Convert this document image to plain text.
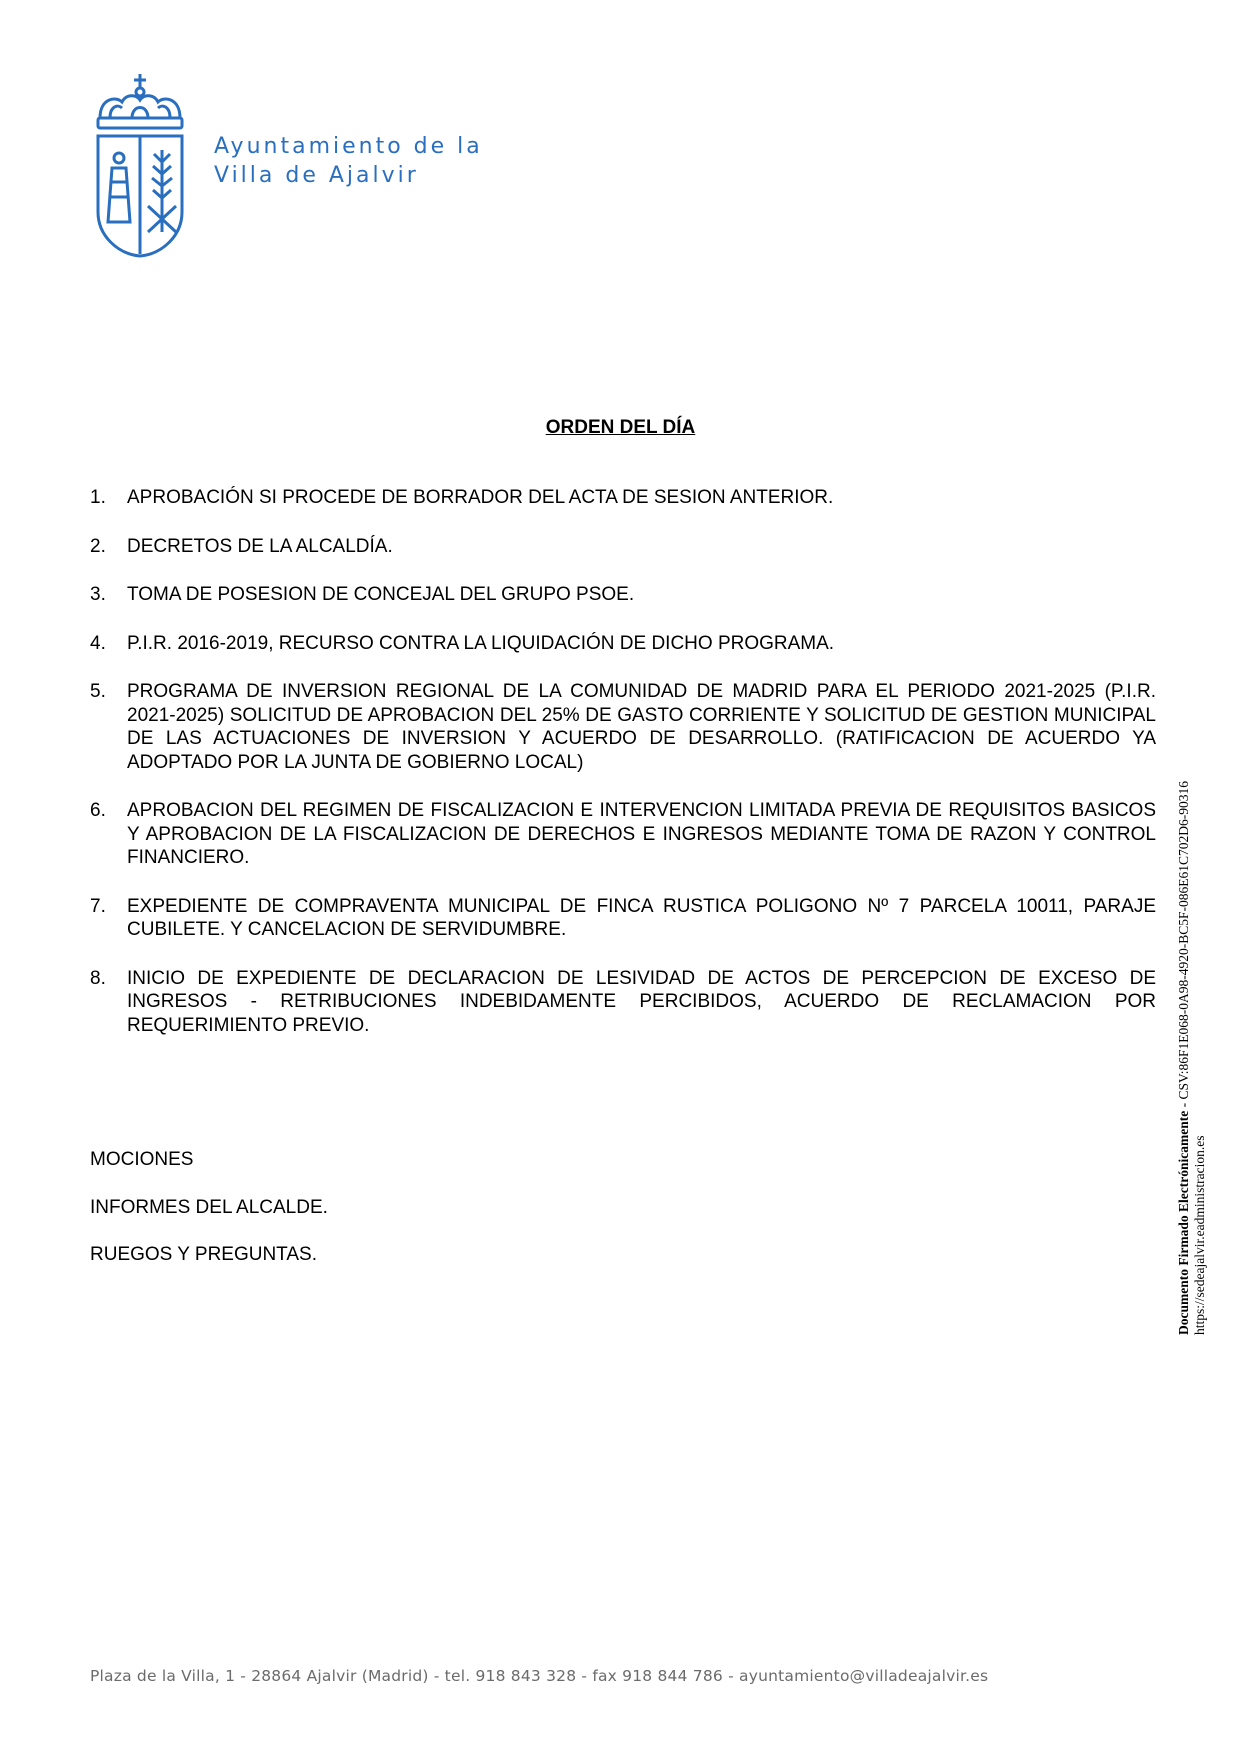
Ayuntamiento de la
Villa de Ajalvir
ORDEN DEL DÍA
1. APROBACIÓN SI PROCEDE DE BORRADOR DEL ACTA DE SESION ANTERIOR.
2. DECRETOS DE LA ALCALDÍA.
3. TOMA DE POSESION DE CONCEJAL DEL GRUPO PSOE.
4. P.I.R. 2016-2019, RECURSO CONTRA LA LIQUIDACIÓN DE DICHO PROGRAMA.
5. PROGRAMA DE INVERSION REGIONAL DE LA COMUNIDAD DE MADRID PARA EL PERIODO 2021-2025 (P.I.R. 2021-2025) SOLICITUD DE APROBACION DEL 25% DE GASTO CORRIENTE Y SOLICITUD DE GESTION MUNICIPAL DE LAS ACTUACIONES DE INVERSION Y ACUERDO DE DESARROLLO. (RATIFICACION DE ACUERDO YA ADOPTADO POR LA JUNTA DE GOBIERNO LOCAL)
6. APROBACION DEL REGIMEN DE FISCALIZACION E INTERVENCION LIMITADA PREVIA DE REQUISITOS BASICOS Y APROBACION DE LA FISCALIZACION DE DERECHOS E INGRESOS MEDIANTE TOMA DE RAZON Y CONTROL FINANCIERO.
7. EXPEDIENTE DE COMPRAVENTA MUNICIPAL DE FINCA RUSTICA POLIGONO Nº 7 PARCELA 10011, PARAJE CUBILETE. Y CANCELACION DE SERVIDUMBRE.
8. INICIO DE EXPEDIENTE DE DECLARACION DE LESIVIDAD DE ACTOS DE PERCEPCION DE EXCESO DE INGRESOS - RETRIBUCIONES INDEBIDAMENTE PERCIBIDOS, ACUERDO DE RECLAMACION POR REQUERIMIENTO PREVIO.
MOCIONES
INFORMES DEL ALCALDE.
RUEGOS Y PREGUNTAS.	Documento Firmado Electrónicamente - CSV:86F1E068-0A98-4920-BC5F-086E61C702D6-90316
https://sedeajalvir.eadministracion.es
Plaza de la Villa, 1 - 28864 Ajalvir (Madrid) - tel. 918 843 328 - fax 918 844 786 - ayuntamiento@villadeajalvir.es
